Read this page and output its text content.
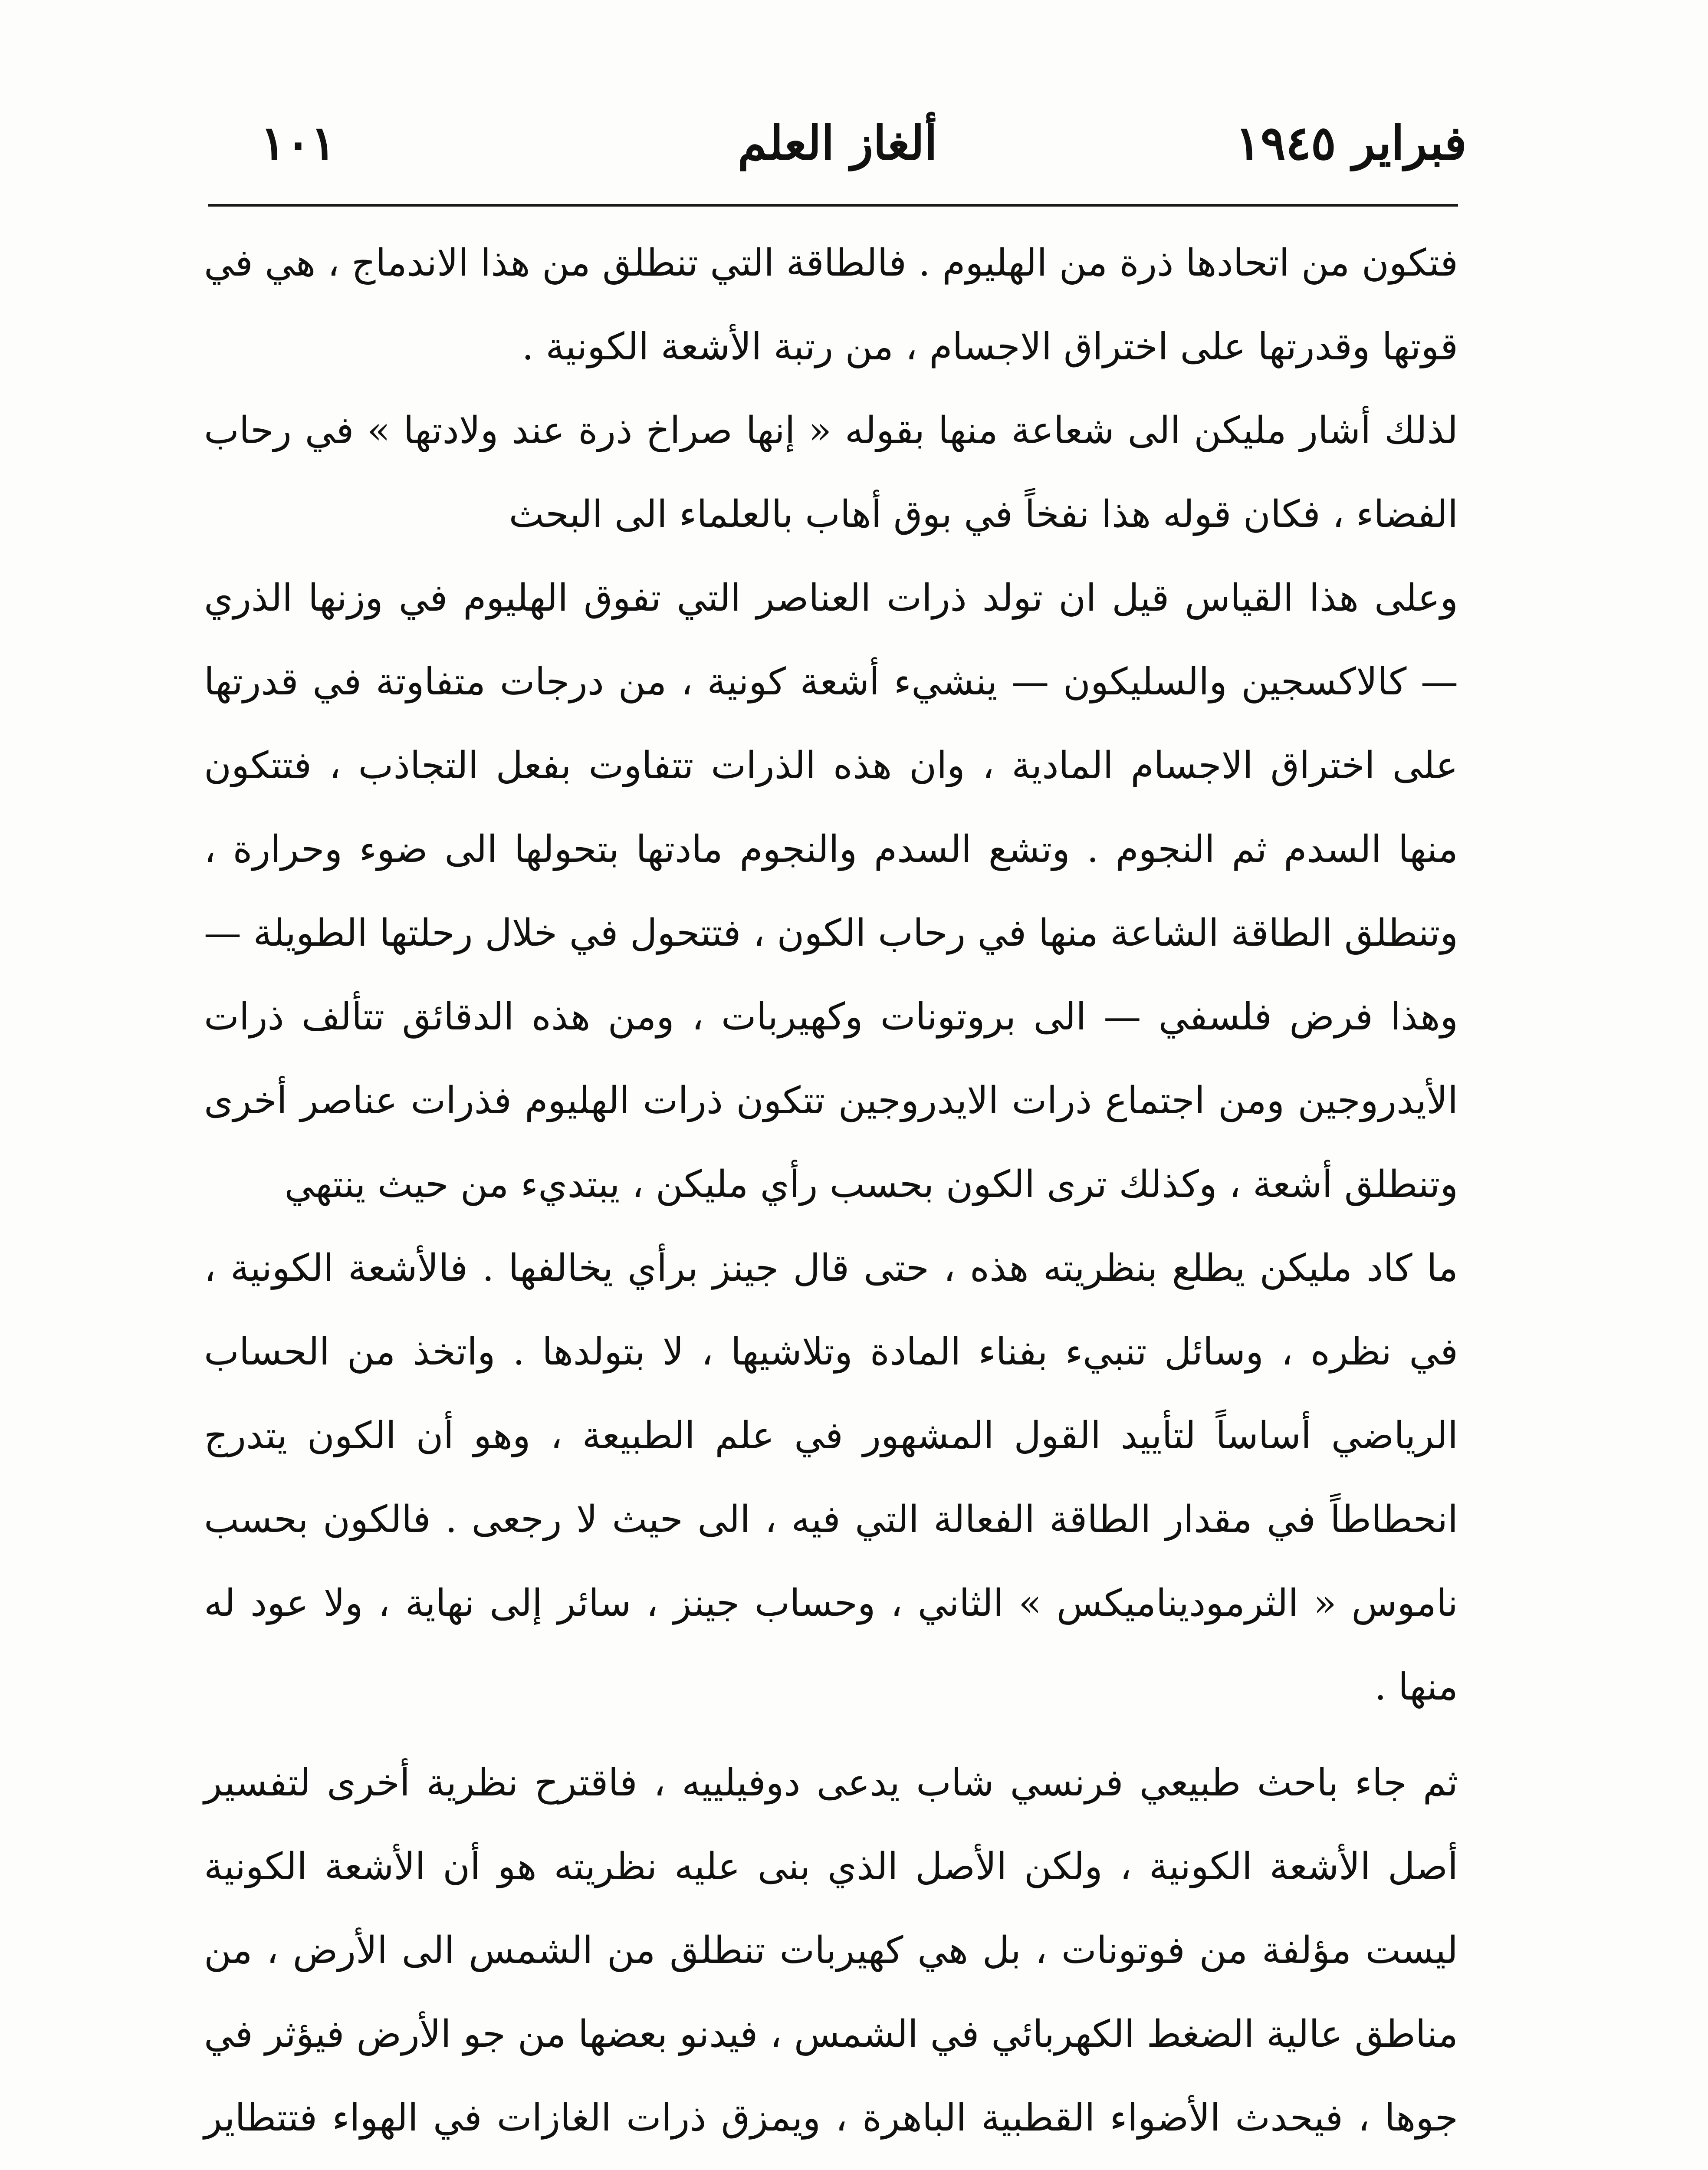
فبراير ١٩٤٥
ألغاز العلم
١٠١

فتكون من اتحادها ذرة من الهليوم . فالطاقة التي تنطلق من هذا الاندماج ، هي في قوتها وقدرتها على اختراق الاجسام ، من رتبة الأشعة الكونية .

لذلك أشار مليكن الى شعاعة منها بقوله « إنها صراخ ذرة عند ولادتها » في رحاب الفضاء ، فكان قوله هذا نفخاً في بوق أهاب بالعلماء الى البحث

وعلى هذا القياس قيل ان تولد ذرات العناصر التي تفوق الهليوم في وزنها الذري — كالاكسجين والسليكون — ينشيء أشعة كونية ، من درجات متفاوتة في قدرتها على اختراق الاجسام المادية ، وان هذه الذرات تتفاوت بفعل التجاذب ، فتتكون منها السدم ثم النجوم . وتشع السدم والنجوم مادتها بتحولها الى ضوء وحرارة ، وتنطلق الطاقة الشاعة منها في رحاب الكون ، فتتحول في خلال رحلتها الطويلة — وهذا فرض فلسفي — الى بروتونات وكهيربات ، ومن هذه الدقائق تتألف ذرات الأيدروجين ومن اجتماع ذرات الايدروجين تتكون ذرات الهليوم فذرات عناصر أخرى وتنطلق أشعة ، وكذلك ترى الكون بحسب رأي مليكن ، يبتديء من حيث ينتهي

ما كاد مليكن يطلع بنظريته هذه ، حتى قال جينز برأي يخالفها . فالأشعة الكونية ، في نظره ، وسائل تنبيء بفناء المادة وتلاشيها ، لا بتولدها . واتخذ من الحساب الرياضي أساساً لتأييد القول المشهور في علم الطبيعة ، وهو أن الكون يتدرج انحطاطاً في مقدار الطاقة الفعالة التي فيه ، الى حيث لا رجعى . فالكون بحسب ناموس « الثرموديناميكس » الثاني ، وحساب جينز ، سائر إلى نهاية ، ولا عود له منها .

ثم جاء باحث طبيعي فرنسي شاب يدعى دوفيلييه ، فاقترح نظرية أخرى لتفسير أصل الأشعة الكونية ، ولكن الأصل الذي بنى عليه نظريته هو أن الأشعة الكونية ليست مؤلفة من فوتونات ، بل هي كهيربات تنطلق من الشمس الى الأرض ، من مناطق عالية الضغط الكهربائي في الشمس ، فيدنو بعضها من جو الأرض فيؤثر في جوها ، فيحدث الأضواء القطبية الباهرة ، ويمزق ذرات الغازات في الهواء فتتطاير
